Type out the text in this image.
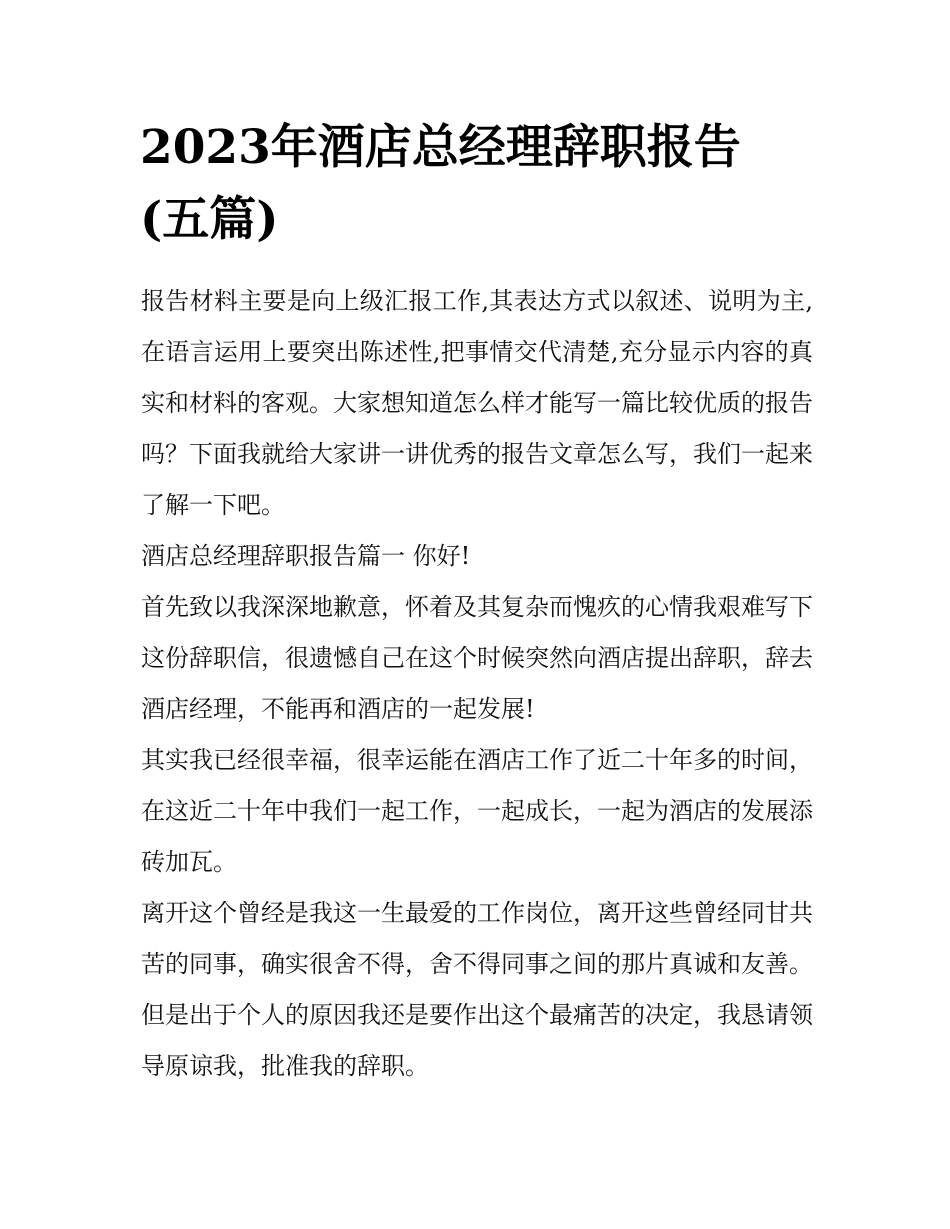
2023年酒店总经理辞职报告
(五篇)

报告材料主要是向上级汇报工作,其表达方式以叙述、说明为主,在语言运用上要突出陈述性,把事情交代清楚,充分显示内容的真实和材料的客观。大家想知道怎么样才能写一篇比较优质的报告吗？下面我就给大家讲一讲优秀的报告文章怎么写，我们一起来了解一下吧。

酒店总经理辞职报告篇一 你好!

首先致以我深深地歉意，怀着及其复杂而愧疚的心情我艰难写下这份辞职信，很遗憾自己在这个时候突然向酒店提出辞职，辞去酒店经理，不能再和酒店的一起发展!

其实我已经很幸福，很幸运能在酒店工作了近二十年多的时间，在这近二十年中我们一起工作，一起成长，一起为酒店的发展添砖加瓦。

离开这个曾经是我这一生最爱的工作岗位，离开这些曾经同甘共苦的同事，确实很舍不得，舍不得同事之间的那片真诚和友善。但是出于个人的原因我还是要作出这个最痛苦的决定，我恳请领导原谅我，批准我的辞职。
